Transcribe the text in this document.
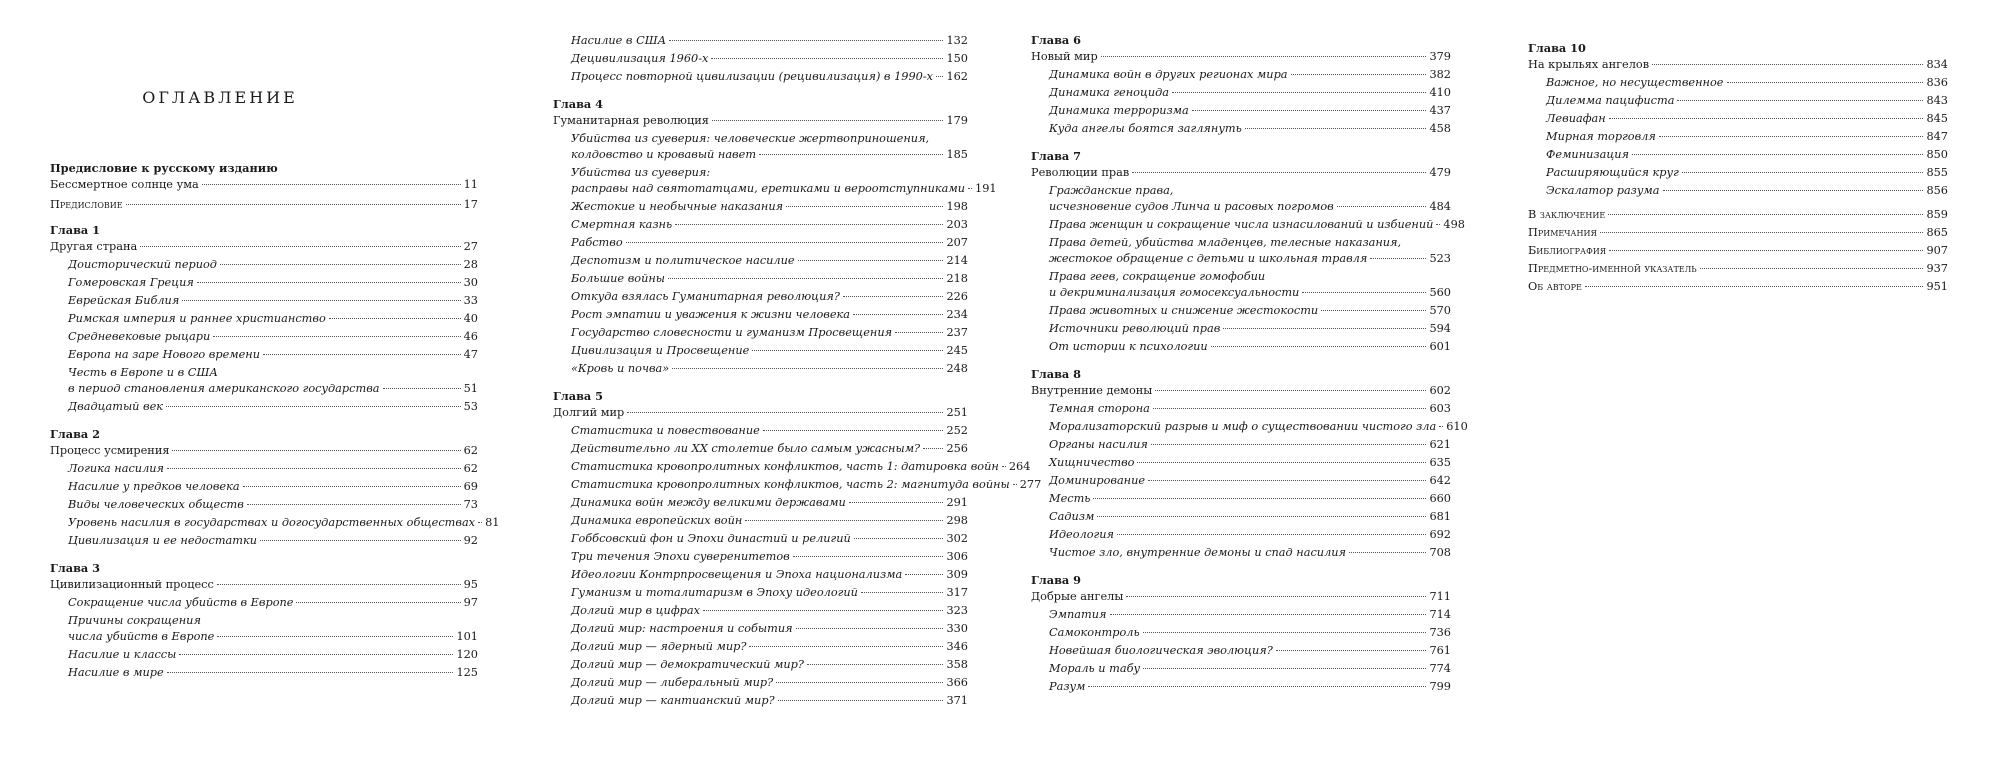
ОГЛАВЛЕНИЕ
Предисловие к русскому изданию
Бессмертное солнце ума	11
Предисловие	17
Глава 1
Другая страна	27
Доисторический период	28
Гомеровская Греция	30
Еврейская Библия	33
Римская империя и раннее христианство	40
Средневековые рыцари	46
Европа на заре Нового времени	47
Честь в Европе и в США
в период становления американского государства	51
Двадцатый век	53
Глава 2
Процесс усмирения	62
Логика насилия	62
Насилие у предков человека	69
Виды человеческих обществ	73
Уровень насилия в государствах и догосударственных обществах 81
Цивилизация и ее недостатки	92
Глава 3
Цивилизационный процесс	95
Сокращение числа убийств в Европе	97
Причины сокращения
числа убийств в Европе	101
Насилие и классы	120
Насилие в мире	125
Насилие в США	132
Децивилизация 1960-х	150
Процесс повторной цивилизации (рецивилизация) в 1990-х 162
Глава 4
Гуманитарная революция	179
Убийства из суеверия: человеческие жертвоприношения,
колдовство и кровавый навет	185
Убийства из суеверия:
расправы над святотатцами, еретиками и вероотступниками 191
Жестокие и необычные наказания	198
Смертная казнь	203
Рабство	207
Деспотизм и политическое насилие	214
Большие войны	218
Откуда взялась Гуманитарная революция?	226
Рост эмпатии и уважения к жизни человека	234
Государство словесности и гуманизм Просвещения	237
Цивилизация и Просвещение	245
«Кровь и почва»	248
Глава 5
Долгий мир	251
Статистика и повествование	252
Действительно ли XX столетие было самым ужасным? 256
Статистика кровопролитных конфликтов, часть 1: датировка войн 264
Статистика кровопролитных конфликтов, часть 2: магнитуда войны 277
Динамика войн между великими державами	291
Динамика европейских войн	298
Гоббсовский фон и Эпохи династий и религий	302
Три течения Эпохи суверенитетов	306
Идеологии Контрпросвещения и Эпоха национализма	309
Гуманизм и тоталитаризм в Эпоху идеологий	317
Долгий мир в цифрах	323
Долгий мир: настроения и события	330
Долгий мир — ядерный мир?	346
Долгий мир — демократический мир?	358
Долгий мир — либеральный мир?	366
Долгий мир — кантианский мир?	371
Глава 6
Новый мир	379
Динамика войн в других регионах мира	382
Динамика геноцида	410
Динамика терроризма	437
Куда ангелы боятся заглянуть	458
Глава 7
Революции прав	479
Гражданские права,
исчезновение судов Линча и расовых погромов	484
Права женщин и сокращение числа изнасилований и избиений 498
Права детей, убийства младенцев, телесные наказания,
жестокое обращение с детьми и школьная травля	523
Права геев, сокращение гомофобии
и декриминализация гомосексуальности	560
Права животных и снижение жестокости	570
Источники революций прав	594
От истории к психологии	601
Глава 8
Внутренние демоны	602
Темная сторона	603
Морализаторский разрыв и миф о существовании чистого зла 610
Органы насилия	621
Хищничество	635
Доминирование	642
Месть	660
Садизм	681
Идеология	692
Чистое зло, внутренние демоны и спад насилия	708
Глава 9
Добрые ангелы	711
Эмпатия	714
Самоконтроль	736
Новейшая биологическая эволюция?	761
Мораль и табу	774
Разум	799
Глава 10
На крыльях ангелов	834
Важное, но несущественное	836
Дилемма пацифиста	843
Левиафан	845
Мирная торговля	847
Феминизация	850
Расширяющийся круг	855
Эскалатор разума	856
В заключение	859
Примечания	865
Библиография	907
Предметно-именной указатель	937
Об авторе	951
